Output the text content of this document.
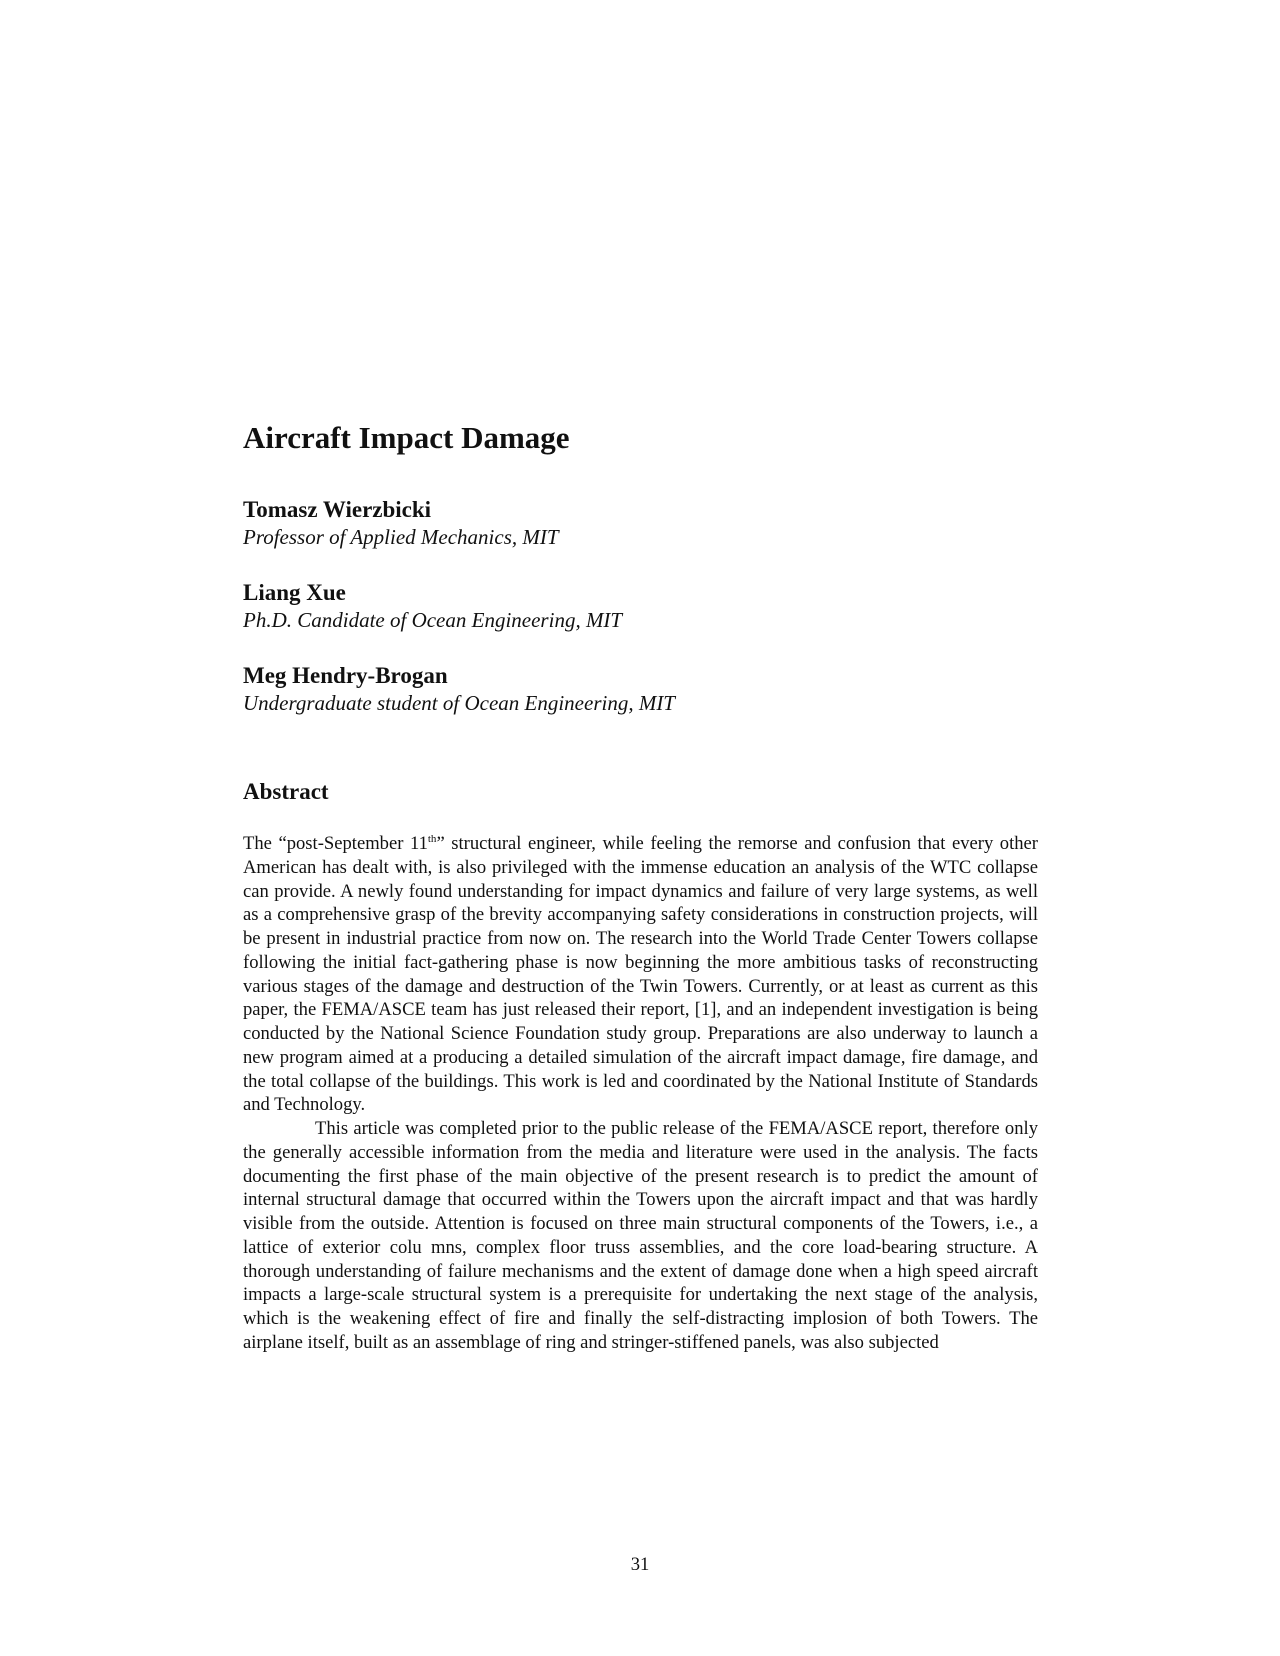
Aircraft Impact Damage

Tomasz Wierzbicki

Professor of Applied Mechanics, MIT

Liang Xue

Ph.D. Candidate of Ocean Engineering, MIT

Meg Hendry-Brogan

Undergraduate student of Ocean Engineering, MIT

Abstract

The “post-September 11th” structural engineer, while feeling the remorse and confusion that every other American has dealt with, is also privileged with the immense education an analysis of the WTC collapse can provide. A newly found understanding for impact dynamics and failure of very large systems, as well as a comprehensive grasp of the brevity accompanying safety considerations in construction projects, will be present in industrial practice from now on. The research into the World Trade Center Towers collapse following the initial fact-gathering phase is now beginning the more ambitious tasks of reconstructing various stages of the damage and destruction of the Twin Towers. Currently, or at least as current as this paper, the FEMA/ASCE team has just released their report, [1], and an independent investigation is being conducted by the National Science Foundation study group. Preparations are also underway to launch a new program aimed at a producing a detailed simulation of the aircraft impact damage, fire damage, and the total collapse of the buildings. This work is led and coordinated by the National Institute of Standards and Technology.

This article was completed prior to the public release of the FEMA/ASCE report, therefore only the generally accessible information from the media and literature were used in the analysis. The facts documenting the first phase of the main objective of the present research is to predict the amount of internal structural damage that occurred within the Towers upon the aircraft impact and that was hardly visible from the outside. Attention is focused on three main structural components of the Towers, i.e., a lattice of exterior colu mns, complex floor truss assemblies, and the core load-bearing structure. A thorough understanding of failure mechanisms and the extent of damage done when a high speed aircraft impacts a large-scale structural system is a prerequisite for undertaking the next stage of the analysis, which is the weakening effect of fire and finally the self-distracting implosion of both Towers. The airplane itself, built as an assemblage of ring and stringer-stiffened panels, was also subjected

31
